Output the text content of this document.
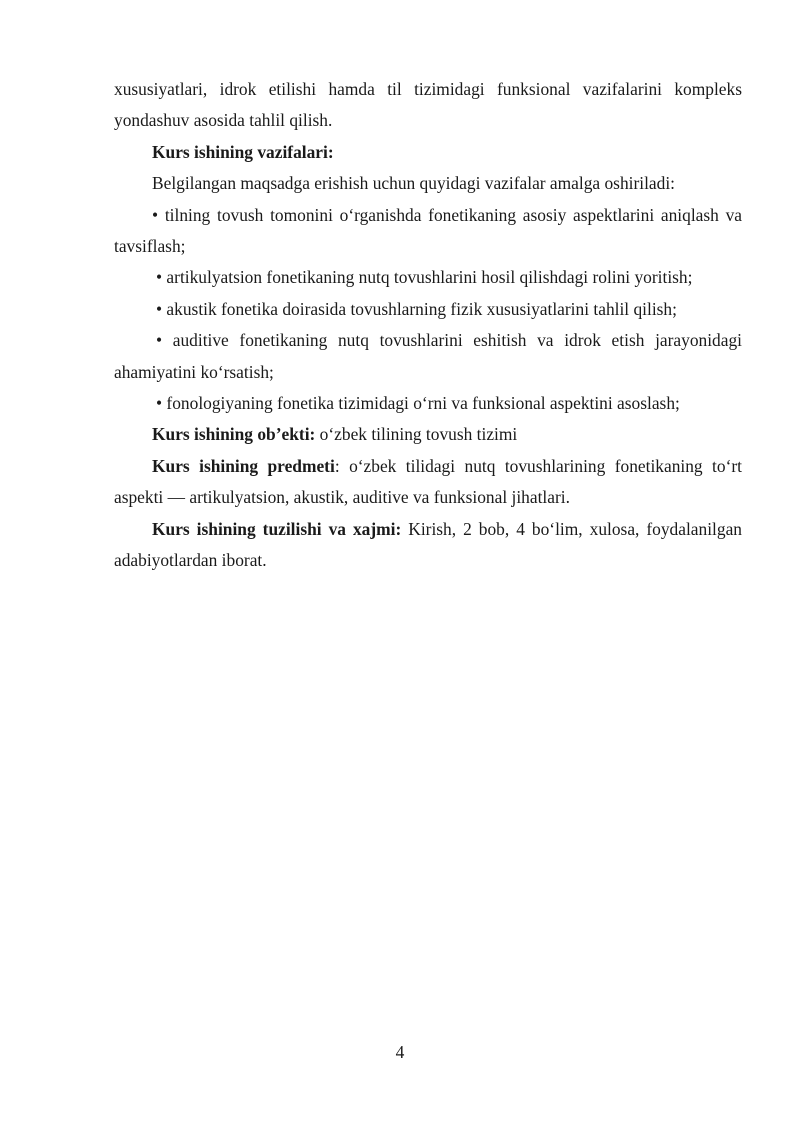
xususiyatlari, idrok etilishi hamda til tizimidagi funksional vazifalarini kompleks yondashuv asosida tahlil qilish.

Kurs ishining vazifalari:

Belgilangan maqsadga erishish uchun quyidagi vazifalar amalga oshiriladi:

• tilning tovush tomonini o‘rganishda fonetikaning asosiy aspektlarini aniqlash va tavsiflash;

• artikulyatsion fonetikaning nutq tovushlarini hosil qilishdagi rolini yoritish;

• akustik fonetika doirasida tovushlarning fizik xususiyatlarini tahlil qilish;

• auditive fonetikaning nutq tovushlarini eshitish va idrok etish jarayonidagi ahamiyatini ko‘rsatish;

• fonologiyaning fonetika tizimidagi o‘rni va funksional aspektini asoslash;

Kurs ishining ob’ekti: o‘zbek tilining tovush tizimi

Kurs ishining predmeti: o‘zbek tilidagi nutq tovushlarining fonetikaning to‘rt aspekti — artikulyatsion, akustik, auditive va funksional jihatlari.

Kurs ishining tuzilishi va xajmi: Kirish, 2 bob, 4 bo‘lim, xulosa, foydalanilgan adabiyotlardan iborat.

4
